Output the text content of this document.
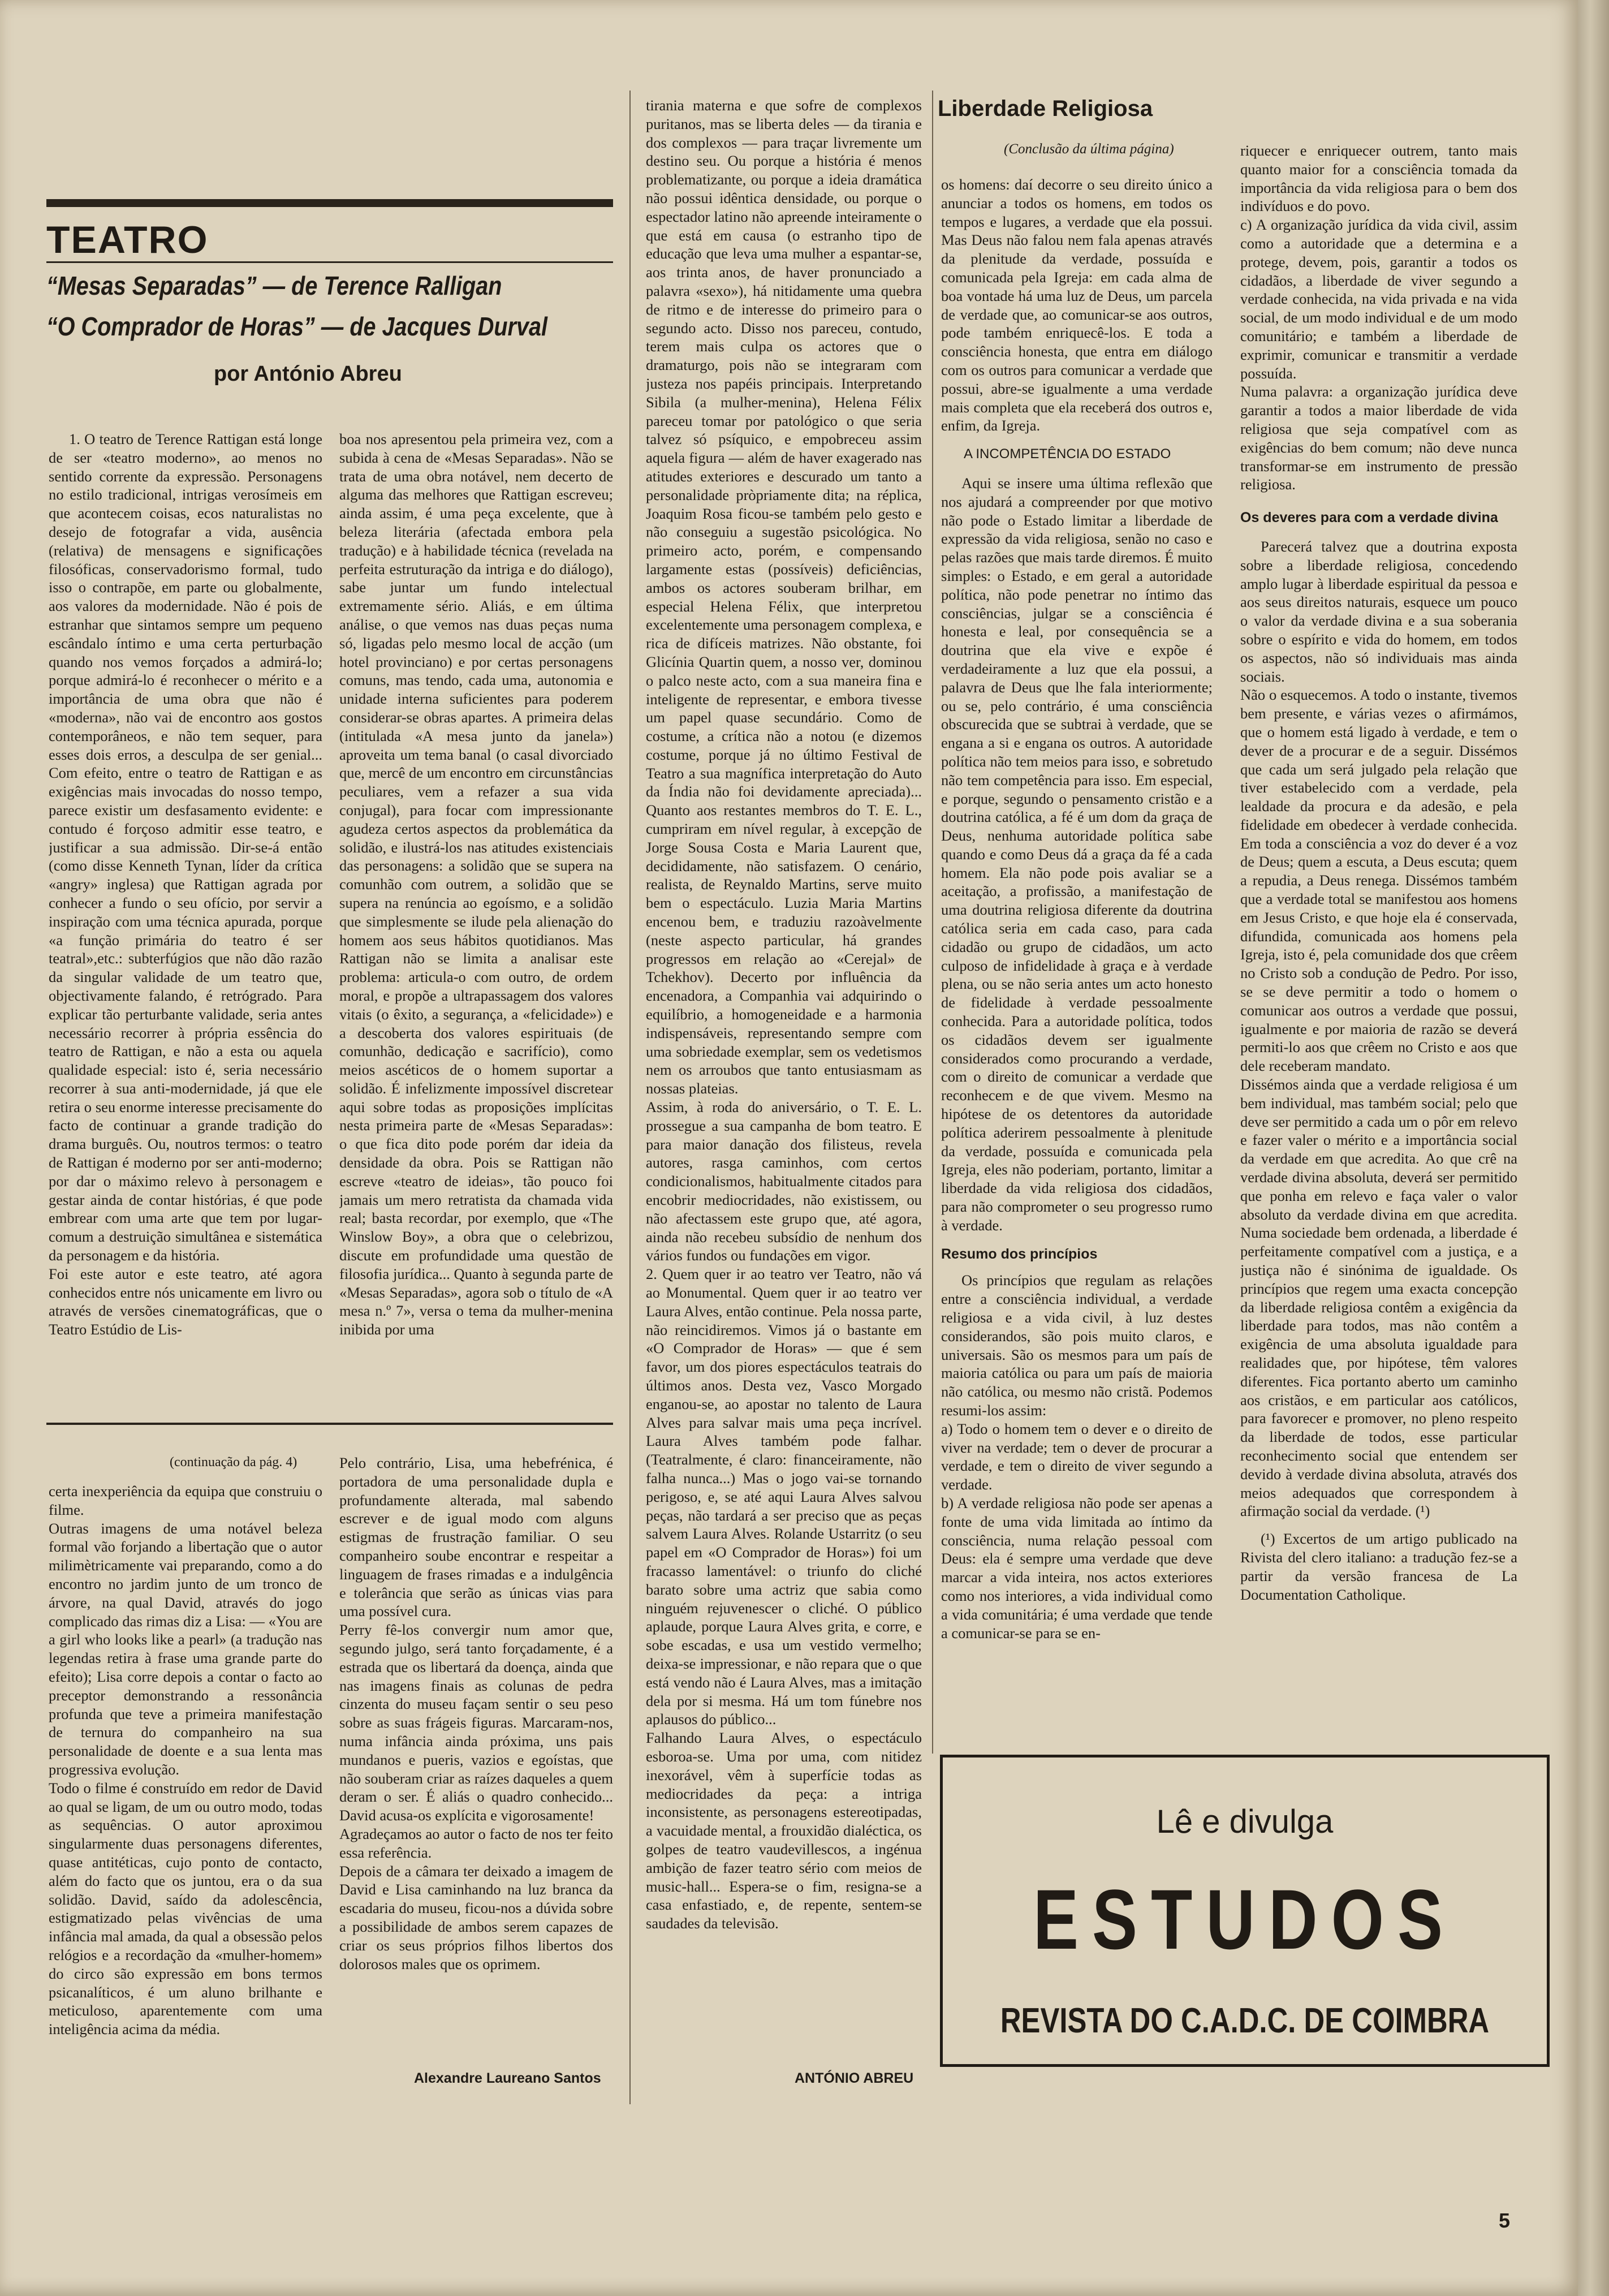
TEATRO
“Mesas Separadas” — de Terence Ralligan
“O Comprador de Horas” — de Jacques Durval
por António Abreu

1. O teatro de Terence Rattigan está longe de ser «teatro moderno», ao menos no sentido corrente da expressão. Personagens no estilo tradicional, intrigas verosímeis em que acontecem coisas, ecos naturalistas no desejo de fotografar a vida, ausência (relativa) de mensagens e significações filosóficas, conservadorismo formal, tudo isso o contrapõe, em parte ou globalmente, aos valores da modernidade. Não é pois de estranhar que sintamos sempre um pequeno escândalo íntimo e uma certa perturbação quando nos vemos forçados a admirá-lo; porque admirá-lo é reconhecer o mérito e a importância de uma obra que não é «moderna», não vai de encontro aos gostos contemporâneos, e não tem sequer, para esses dois erros, a desculpa de ser genial... Com efeito, entre o teatro de Rattigan e as exigências mais invocadas do nosso tempo, parece existir um desfasamento evidente: e contudo é forçoso admitir esse teatro, e justificar a sua admissão. Dir-se-á então (como disse Kenneth Tynan, líder da crítica «angry» inglesa) que Rattigan agrada por conhecer a fundo o seu ofício, por servir a inspiração com uma técnica apurada, porque «a função primária do teatro é ser teatral»,etc.: subterfúgios que não dão razão da singular validade de um teatro que, objectivamente falando, é retrógrado. Para explicar tão perturbante validade, seria antes necessário recorrer à própria essência do teatro de Rattigan, e não a esta ou aquela qualidade especial: isto é, seria necessário recorrer à sua anti-modernidade, já que ele retira o seu enorme interesse precisamente do facto de continuar a grande tradição do drama burguês. Ou, noutros termos: o teatro de Rattigan é moderno por ser anti-moderno; por dar o máximo relevo à personagem e gestar ainda de contar histórias, é que pode embrear com uma arte que tem por lugar-comum a destruição simultânea e sistemática da personagem e da história.
Foi este autor e este teatro, até agora conhecidos entre nós unicamente em livro ou através de versões cinematográficas, que o Teatro Estúdio de Lis-

boa nos apresentou pela primeira vez, com a subida à cena de «Mesas Separadas». Não se trata de uma obra notável, nem decerto de alguma das melhores que Rattigan escreveu; ainda assim, é uma peça excelente, que à beleza literária (afectada embora pela tradução) e à habilidade técnica (revelada na perfeita estruturação da intriga e do diálogo), sabe juntar um fundo intelectual extremamente sério. Aliás, e em última análise, o que vemos nas duas peças numa só, ligadas pelo mesmo local de acção (um hotel provinciano) e por certas personagens comuns, mas tendo, cada uma, autonomia e unidade interna suficientes para poderem considerar-se obras apartes. A primeira delas (intitulada «A mesa junto da janela») aproveita um tema banal (o casal divorciado que, mercê de um encontro em circunstâncias peculiares, vem a refazer a sua vida conjugal), para focar com impressionante agudeza certos aspectos da problemática da solidão, e ilustrá-los nas atitudes existenciais das personagens: a solidão que se supera na comunhão com outrem, a solidão que se supera na renúncia ao egoísmo, e a solidão que simplesmente se ilude pela alienação do homem aos seus hábitos quotidianos. Mas Rattigan não se limita a analisar este problema: articula-o com outro, de ordem moral, e propõe a ultrapassagem dos valores vitais (o êxito, a segurança, a «felicidade») e a descoberta dos valores espirituais (de comunhão, dedicação e sacrifício), como meios ascéticos de o homem suportar a solidão. É infelizmente impossível discretear aqui sobre todas as proposições implícitas nesta primeira parte de «Mesas Separadas»: o que fica dito pode porém dar ideia da densidade da obra. Pois se Rattigan não escreve «teatro de ideias», tão pouco foi jamais um mero retratista da chamada vida real; basta recordar, por exemplo, que «The Winslow Boy», a obra que o celebrizou, discute em profundidade uma questão de filosofia jurídica... Quanto à segunda parte de «Mesas Separadas», agora sob o título de «A mesa n.º 7», versa o tema da mulher-menina inibida por uma

tirania materna e que sofre de complexos puritanos, mas se liberta deles — da tirania e dos complexos — para traçar livremente um destino seu. Ou porque a história é menos problematizante, ou porque a ideia dramática não possui idêntica densidade, ou porque o espectador latino não apreende inteiramente o que está em causa (o estranho tipo de educação que leva uma mulher a espantar-se, aos trinta anos, de haver pronunciado a palavra «sexo»), há nitidamente uma quebra de ritmo e de interesse do primeiro para o segundo acto. Disso nos pareceu, contudo, terem mais culpa os actores que o dramaturgo, pois não se integraram com justeza nos papéis principais. Interpretando Sibila (a mulher-menina), Helena Félix pareceu tomar por patológico o que seria talvez só psíquico, e empobreceu assim aquela figura — além de haver exagerado nas atitudes exteriores e descurado um tanto a personalidade pròpriamente dita; na réplica, Joaquim Rosa ficou-se também pelo gesto e não conseguiu a sugestão psicológica. No primeiro acto, porém, e compensando largamente estas (possíveis) deficiências, ambos os actores souberam brilhar, em especial Helena Félix, que interpretou excelentemente uma personagem complexa, e rica de difíceis matrizes. Não obstante, foi Glicínia Quartin quem, a nosso ver, dominou o palco neste acto, com a sua maneira fina e inteligente de representar, e embora tivesse um papel quase secundário. Como de costume, a crítica não a notou (e dizemos costume, porque já no último Festival de Teatro a sua magnífica interpretação do Auto da Índia não foi devidamente apreciada)... Quanto aos restantes membros do T. E. L., cumpriram em nível regular, à excepção de Jorge Sousa Costa e Maria Laurent que, decididamente, não satisfazem. O cenário, realista, de Reynaldo Martins, serve muito bem o espectáculo. Luzia Maria Martins encenou bem, e traduziu razoàvelmente (neste aspecto particular, há grandes progressos em relação ao «Cerejal» de Tchekhov). Decerto por influência da encenadora, a Companhia vai adquirindo o equilíbrio, a homogeneidade e a harmonia indispensáveis, representando sempre com uma sobriedade exemplar, sem os vedetismos nem os arroubos que tanto entusiasmam as nossas plateias.
Assim, à roda do aniversário, o T. E. L. prossegue a sua campanha de bom teatro. E para maior danação dos filisteus, revela autores, rasga caminhos, com certos condicionalismos, habitualmente citados para encobrir mediocridades, não existissem, ou não afectassem este grupo que, até agora, ainda não recebeu subsídio de nenhum dos vários fundos ou fundações em vigor.
2. Quem quer ir ao teatro ver Teatro, não vá ao Monumental. Quem quer ir ao teatro ver Laura Alves, então continue. Pela nossa parte, não reincidiremos. Vimos já o bastante em «O Comprador de Horas» — que é sem favor, um dos piores espectáculos teatrais do últimos anos. Desta vez, Vasco Morgado enganou-se, ao apostar no talento de Laura Alves para salvar mais uma peça incrível. Laura Alves também pode falhar. (Teatralmente, é claro: financeiramente, não falha nunca...) Mas o jogo vai-se tornando perigoso, e, se até aqui Laura Alves salvou peças, não tardará a ser preciso que as peças salvem Laura Alves. Rolande Ustarritz (o seu papel em «O Comprador de Horas») foi um fracasso lamentável: o triunfo do cliché barato sobre uma actriz que sabia como ninguém rejuvenescer o cliché. O público aplaude, porque Laura Alves grita, e corre, e sobe escadas, e usa um vestido vermelho; deixa-se impressionar, e não repara que o que está vendo não é Laura Alves, mas a imitação dela por si mesma. Há um tom fúnebre nos aplausos do público...
Falhando Laura Alves, o espectáculo esboroa-se. Uma por uma, com nitidez inexorável, vêm à superfície todas as mediocridades da peça: a intriga inconsistente, as personagens estereotipadas, a vacuidade mental, a frouxidão dialéctica, os golpes de teatro vaudevillescos, a ingénua ambição de fazer teatro sério com meios de music-hall... Espera-se o fim, resigna-se a casa enfastiado, e, de repente, sentem-se saudades da televisão.

ANTÓNIO ABREU
(continuação da pág. 4)

certa inexperiência da equipa que construiu o filme.
Outras imagens de uma notável beleza formal vão forjando a libertação que o autor milimètricamente vai preparando, como a do encontro no jardim junto de um tronco de árvore, na qual David, através do jogo complicado das rimas diz a Lisa: — «You are a girl who looks like a pearl» (a tradução nas legendas retira à frase uma grande parte do efeito); Lisa corre depois a contar o facto ao preceptor demonstrando a ressonância profunda que teve a primeira manifestação de ternura do companheiro na sua personalidade de doente e a sua lenta mas progressiva evolução.
Todo o filme é construído em redor de David ao qual se ligam, de um ou outro modo, todas as sequências. O autor aproximou singularmente duas personagens diferentes, quase antitéticas, cujo ponto de contacto, além do facto que os juntou, era o da sua solidão. David, saído da adolescência, estigmatizado pelas vivências de uma infância mal amada, da qual a obsessão pelos relógios e a recordação da «mulher-homem» do circo são expressão em bons termos psicanalíticos, é um aluno brilhante e meticuloso, aparentemente com uma inteligência acima da média.

Pelo contrário, Lisa, uma hebefrénica, é portadora de uma personalidade dupla e profundamente alterada, mal sabendo escrever e de igual modo com alguns estigmas de frustração familiar. O seu companheiro soube encontrar e respeitar a linguagem de frases rimadas e a indulgência e tolerância que serão as únicas vias para uma possível cura.
Perry fê-los convergir num amor que, segundo julgo, será tanto forçadamente, é a estrada que os libertará da doença, ainda que nas imagens finais as colunas de pedra cinzenta do museu façam sentir o seu peso sobre as suas frágeis figuras. Marcaram-nos, numa infância ainda próxima, uns pais mundanos e pueris, vazios e egoístas, que não souberam criar as raízes daqueles a quem deram o ser. É aliás o quadro conhecido... David acusa-os explícita e vigorosamente!
Agradeçamos ao autor o facto de nos ter feito essa referência.
Depois de a câmara ter deixado a imagem de David e Lisa caminhando na luz branca da escadaria do museu, ficou-nos a dúvida sobre a possibilidade de ambos serem capazes de criar os seus próprios filhos libertos dos dolorosos males que os oprimem.

Alexandre Laureano Santos
Liberdade Religiosa
(Conclusão da última página)

os homens: daí decorre o seu direito único a anunciar a todos os homens, em todos os tempos e lugares, a verdade que ela possui. Mas Deus não falou nem fala apenas através da plenitude da verdade, possuída e comunicada pela Igreja: em cada alma de boa vontade há uma luz de Deus, um parcela de verdade que, ao comunicar-se aos outros, pode também enriquecê-los. E toda a consciência honesta, que entra em diálogo com os outros para comunicar a verdade que possui, abre-se igualmente a uma verdade mais completa que ela receberá dos outros e, enfim, da Igreja.

A INCOMPETÊNCIA DO ESTADO

Aqui se insere uma última reflexão que nos ajudará a compreender por que motivo não pode o Estado limitar a liberdade de expressão da vida religiosa, senão no caso e pelas razões que mais tarde diremos. É muito simples: o Estado, e em geral a autoridade política, não pode penetrar no íntimo das consciências, julgar se a consciência é honesta e leal, por consequência se a doutrina que ela vive e expõe é verdadeiramente a luz que ela possui, a palavra de Deus que lhe fala interiormente; ou se, pelo contrário, é uma consciência obscurecida que se subtrai à verdade, que se engana a si e engana os outros. A autoridade política não tem meios para isso, e sobretudo não tem competência para isso. Em especial, e porque, segundo o pensamento cristão e a doutrina católica, a fé é um dom da graça de Deus, nenhuma autoridade política sabe quando e como Deus dá a graça da fé a cada homem. Ela não pode pois avaliar se a aceitação, a profissão, a manifestação de uma doutrina religiosa diferente da doutrina católica seria em cada caso, para cada cidadão ou grupo de cidadãos, um acto culposo de infidelidade à graça e à verdade plena, ou se não seria antes um acto honesto de fidelidade à verdade pessoalmente conhecida. Para a autoridade política, todos os cidadãos devem ser igualmente considerados como procurando a verdade, com o direito de comunicar a verdade que reconhecem e de que vivem. Mesmo na hipótese de os detentores da autoridade política aderirem pessoalmente à plenitude da verdade, possuída e comunicada pela Igreja, eles não poderiam, portanto, limitar a liberdade da vida religiosa dos cidadãos, para não comprometer o seu progresso rumo à verdade.

Resumo dos princípios

Os princípios que regulam as relações entre a consciência individual, a verdade religiosa e a vida civil, à luz destes considerandos, são pois muito claros, e universais. São os mesmos para um país de maioria católica ou para um país de maioria não católica, ou mesmo não cristã. Podemos resumi-los assim:
a) Todo o homem tem o dever e o direito de viver na verdade; tem o dever de procurar a verdade, e tem o direito de viver segundo a verdade.
b) A verdade religiosa não pode ser apenas a fonte de uma vida limitada ao íntimo da consciência, numa relação pessoal com Deus: ela é sempre uma verdade que deve marcar a vida inteira, nos actos exteriores como nos interiores, a vida individual como a vida comunitária; é uma verdade que tende a comunicar-se para se en-

riquecer e enriquecer outrem, tanto mais quanto maior for a consciência tomada da importância da vida religiosa para o bem dos indivíduos e do povo.
c) A organização jurídica da vida civil, assim como a autoridade que a determina e a protege, devem, pois, garantir a todos os cidadãos, a liberdade de viver segundo a verdade conhecida, na vida privada e na vida social, de um modo individual e de um modo comunitário; e também a liberdade de exprimir, comunicar e transmitir a verdade possuída.
Numa palavra: a organização jurídica deve garantir a todos a maior liberdade de vida religiosa que seja compatível com as exigências do bem comum; não deve nunca transformar-se em instrumento de pressão religiosa.

Os deveres para com a verdade divina

Parecerá talvez que a doutrina exposta sobre a liberdade religiosa, concedendo amplo lugar à liberdade espiritual da pessoa e aos seus direitos naturais, esquece um pouco o valor da verdade divina e a sua soberania sobre o espírito e vida do homem, em todos os aspectos, não só individuais mas ainda sociais.
Não o esquecemos. A todo o instante, tivemos bem presente, e várias vezes o afirmámos, que o homem está ligado à verdade, e tem o dever de a procurar e de a seguir. Dissémos que cada um será julgado pela relação que tiver estabelecido com a verdade, pela lealdade da procura e da adesão, e pela fidelidade em obedecer à verdade conhecida. Em toda a consciência a voz do dever é a voz de Deus; quem a escuta, a Deus escuta; quem a repudia, a Deus renega. Dissémos também que a verdade total se manifestou aos homens em Jesus Cristo, e que hoje ela é conservada, difundida, comunicada aos homens pela Igreja, isto é, pela comunidade dos que crêem no Cristo sob a condução de Pedro. Por isso, se se deve permitir a todo o homem o comunicar aos outros a verdade que possui, igualmente e por maioria de razão se deverá permiti-lo aos que crêem no Cristo e aos que dele receberam mandato.
Dissémos ainda que a verdade religiosa é um bem individual, mas também social; pelo que deve ser permitido a cada um o pôr em relevo e fazer valer o mérito e a importância social da verdade em que acredita. Ao que crê na verdade divina absoluta, deverá ser permitido que ponha em relevo e faça valer o valor absoluto da verdade divina em que acredita. Numa sociedade bem ordenada, a liberdade é perfeitamente compatível com a justiça, e a justiça não é sinónima de igualdade. Os princípios que regem uma exacta concepção da liberdade religiosa contêm a exigência da liberdade para todos, mas não contêm a exigência de uma absoluta igualdade para realidades que, por hipótese, têm valores diferentes. Fica portanto aberto um caminho aos cristãos, e em particular aos católicos, para favorecer e promover, no pleno respeito da liberdade de todos, esse particular reconhecimento social que entendem ser devido à verdade divina absoluta, através dos meios adequados que correspondem à afirmação social da verdade. (¹)

(¹) Excertos de um artigo publicado na Rivista del clero italiano: a tradução fez-se a partir da versão francesa de La Documentation Catholique.

Lê e divulga
ESTUDOS
REVISTA DO C.A.D.C. DE COIMBRA
5
